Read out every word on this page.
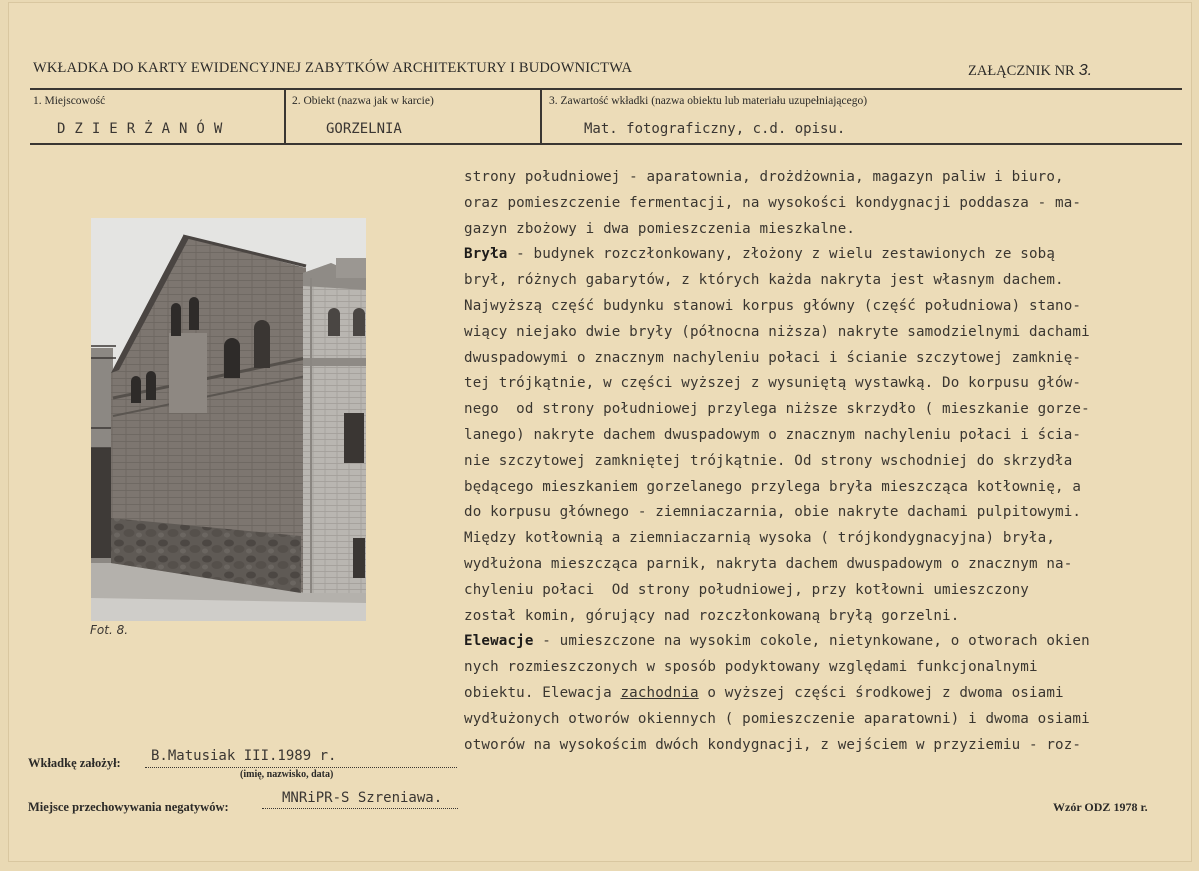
WKŁADKA DO KARTY EWIDENCYJNEJ ZABYTKÓW ARCHITEKTURY I BUDOWNICTWA	ZAŁĄCZNIK NR 3.
1. Miejscowość
DZIERŻANÓW
2. Obiekt (nazwa jak w karcie)
GORZELNIA
3. Zawartość wkładki (nazwa obiektu lub materiału uzupełniającego)
Mat. fotograficzny, c.d. opisu.
Fot. 8.
strony południowej - aparatownia, drożdżownia, magazyn paliw i biuro,
oraz pomieszczenie fermentacji, na wysokości kondygnacji poddasza - ma-
gazyn zbożowy i dwa pomieszczenia mieszkalne.
Bryła - budynek rozczłonkowany, złożony z wielu zestawionych ze sobą
brył, różnych gabarytów, z których każda nakryta jest własnym dachem.
Najwyższą część budynku stanowi korpus główny (część południowa) stano-
wiący niejako dwie bryły (północna niższa) nakryte samodzielnymi dachami
dwuspadowymi o znacznym nachyleniu połaci i ścianie szczytowej zamknię-
tej trójkątnie, w części wyższej z wysuniętą wystawką. Do korpusu głów-
nego  od strony południowej przylega niższe skrzydło ( mieszkanie gorze-
lanego) nakryte dachem dwuspadowym o znacznym nachyleniu połaci i ścia-
nie szczytowej zamkniętej trójkątnie. Od strony wschodniej do skrzydła
będącego mieszkaniem gorzelanego przylega bryła mieszcząca kotłownię, a
do korpusu głównego - ziemniaczarnia, obie nakryte dachami pulpitowymi.
Między kotłownią a ziemniaczarnią wysoka ( trójkondygnacyjna) bryła,
wydłużona mieszcząca parnik, nakryta dachem dwuspadowym o znacznym na-
chyleniu połaci  Od strony południowej, przy kotłowni umieszczony
został komin, górujący nad rozczłonkowaną bryłą gorzelni.
Elewacje - umieszczone na wysokim cokole, nietynkowane, o otworach okien
nych rozmieszczonych w sposób podyktowany względami funkcjonalnymi
obiektu. Elewacja zachodnia o wyższej części środkowej z dwoma osiami
wydłużonych otworów okiennych ( pomieszczenie aparatowni) i dwoma osiami
otworów na wysokościm dwóch kondygnacji, z wejściem w przyziemiu - roz-
Wkładkę założył: B.Matusiak III.1989 r.
(imię, nazwisko, data)
Miejsce przechowywania negatywów:
MNRiPR-S Szreniawa.
Wzór ODZ 1978 r.
